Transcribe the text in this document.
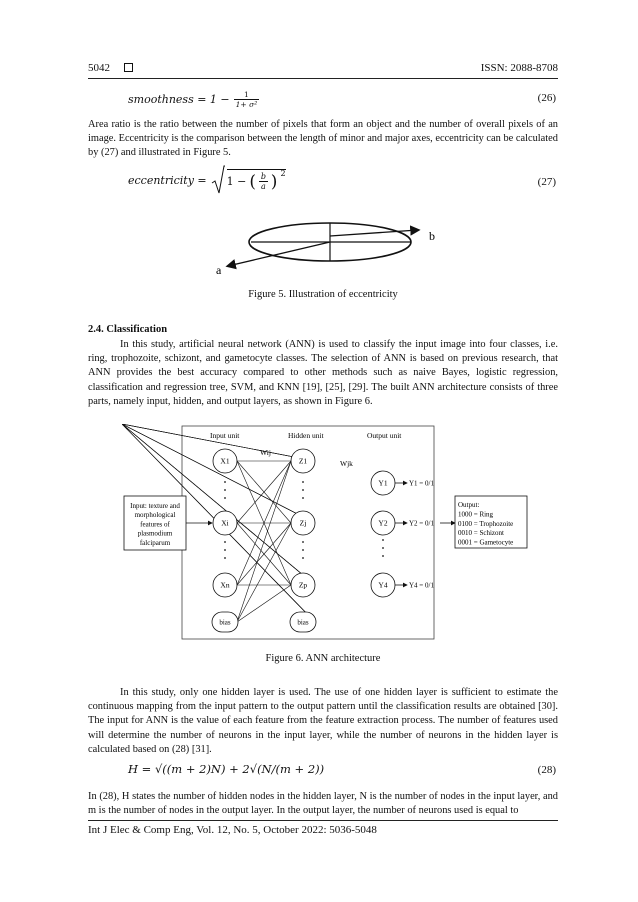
5042	ISSN: 2088-8708
smoothness = $1 - \frac{1}{\text{1+ σ²}}$	(26)
Area ratio is the ratio between the number of pixels that form an object and the number of overall pixels of an image. Eccentricity is the comparison between the length of minor and major axes, eccentricity can be calculated by (27) and illustrated in Figure 5.
eccentricity = 1 − ( $\frac{b}{a}$ ) $^2$
(27)
a
b
Figure 5. Illustration of eccentricity
2.4. Classification
In this study, artificial neural network (ANN) is used to classify the input image into four classes, i.e. ring, trophozoite, schizont, and gametocyte classes. The selection of ANN is based on previous research, that ANN provides the best accuracy compared to other methods such as naive Bayes, logistic regression, classification and regression tree, SVM, and KNN [19], [25], [29]. The built ANN architecture consists of three parts, namely input, hidden, and output layers, as shown in Figure 6.
Input unit	Hidden unit	Output unit
Wij
Wjk
Input: texture and
morphological
features of
plasmodium
falciparum
Output:
1000 = Ring
0100 = Trophozoite
0010 = Schizont
0001 = Gametocyte
Y1 = 0/1
Y2 = 0/1
Y4 = 0/1
X1
Xi
Xn
Z1
Zj
Zp
Y1
Y2
Y4
bias	bias
Figure 6. ANN architecture
In this study, only one hidden layer is used. The use of one hidden layer is sufficient to estimate the continuous mapping from the input pattern to the output pattern until the classification results are obtained [30]. The input for ANN is the value of each feature from the feature extraction process. The number of features used will determine the number of neurons in the input layer, while the number of neurons in the hidden layer is calculated based on (28) [31].
H = √((m + 2)N) + 2√(N/(m + 2))	(28)
In (28), H states the number of hidden nodes in the hidden layer, N is the number of nodes in the input layer, and m is the number of nodes in the output layer. In the output layer, the number of neurons used is equal to
Int J Elec & Comp Eng, Vol. 12, No. 5, October 2022: 5036-5048
